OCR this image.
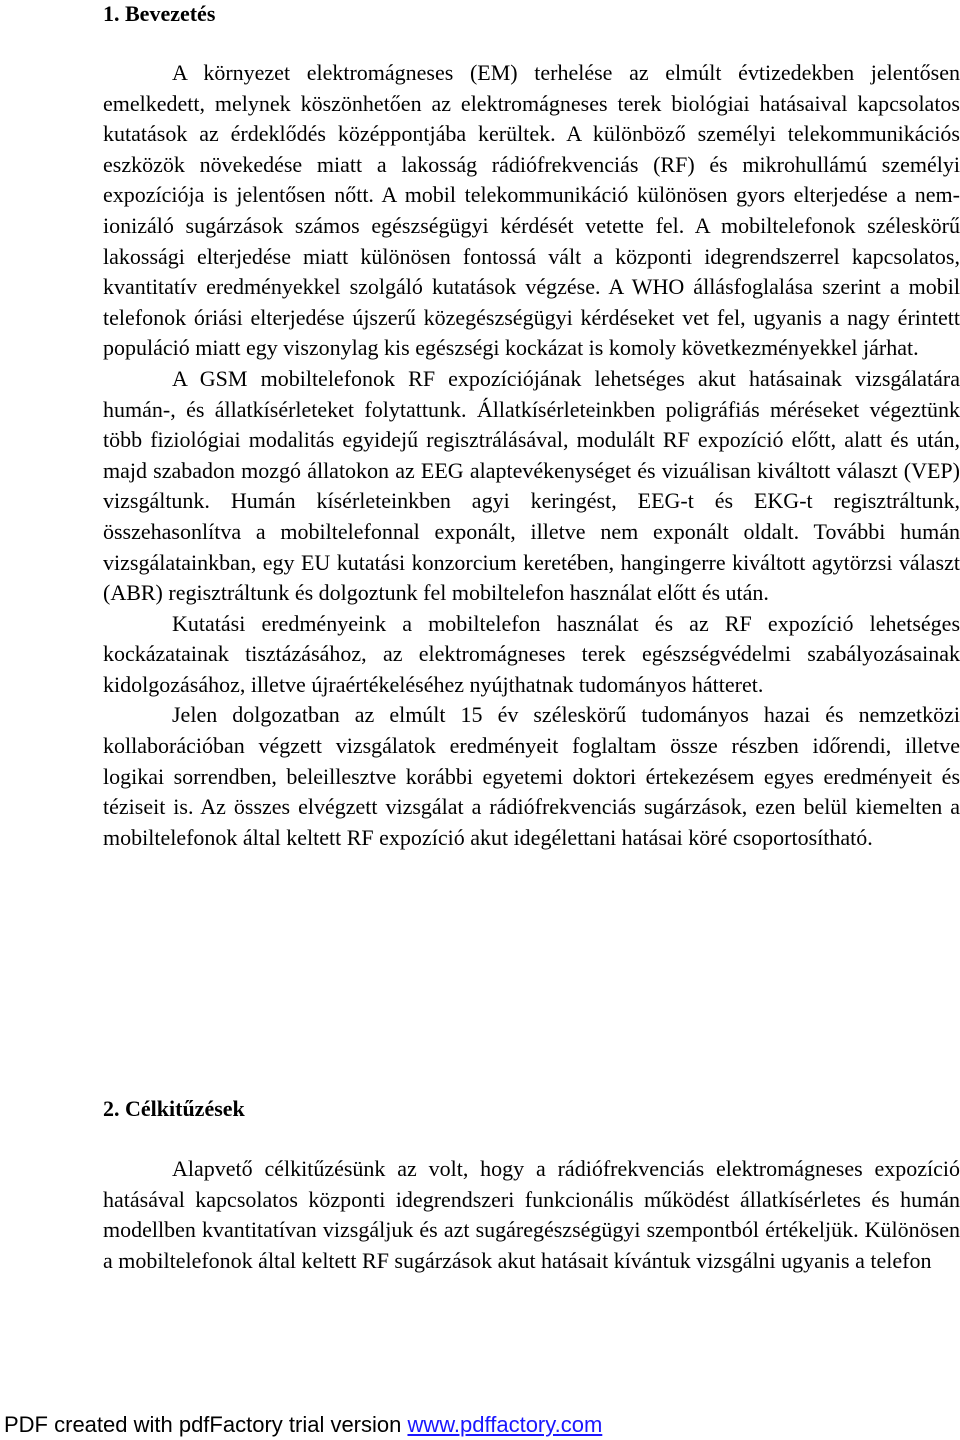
1. Bevezetés

A környezet elektromágneses (EM) terhelése az elmúlt évtizedekben jelentősen emelkedett, melynek köszönhetően az elektromágneses terek biológiai hatásaival kapcsolatos kutatások az érdeklődés középpontjába kerültek. A különböző személyi telekommunikációs eszközök növekedése miatt a lakosság rádiófrekvenciás (RF) és mikrohullámú személyi expozíciója is jelentősen nőtt. A mobil telekommunikáció különösen gyors elterjedése a nem-ionizáló sugárzások számos egészségügyi kérdését vetette fel. A mobiltelefonok széleskörű lakossági elterjedése miatt különösen fontossá vált a központi idegrendszerrel kapcsolatos, kvantitatív eredményekkel szolgáló kutatások végzése. A WHO állásfoglalása szerint a mobil telefonok óriási elterjedése újszerű közegészségügyi kérdéseket vet fel, ugyanis a nagy érintett populáció miatt egy viszonylag kis egészségi kockázat is komoly következményekkel járhat.

A GSM mobiltelefonok RF expozíciójának lehetséges akut hatásainak vizsgálatára humán-, és állatkísérleteket folytattunk. Állatkísérleteinkben poligráfiás méréseket végeztünk több fiziológiai modalitás egyidejű regisztrálásával, modulált RF expozíció előtt, alatt és után, majd szabadon mozgó állatokon az EEG alaptevékenységet és vizuálisan kiváltott választ (VEP) vizsgáltunk. Humán kísérleteinkben agyi keringést, EEG-t és EKG-t regisztráltunk, összehasonlítva a mobiltelefonnal exponált, illetve nem exponált oldalt. További humán vizsgálatainkban, egy EU kutatási konzorcium keretében, hangingerre kiváltott agytörzsi választ (ABR) regisztráltunk és dolgoztunk fel mobiltelefon használat előtt és után.

Kutatási eredményeink a mobiltelefon használat és az RF expozíció lehetséges kockázatainak tisztázásához, az elektromágneses terek egészségvédelmi szabályozásainak kidolgozásához, illetve újraértékeléséhez nyújthatnak tudományos hátteret.

Jelen dolgozatban az elmúlt 15 év széleskörű tudományos hazai és nemzetközi kollaborációban végzett vizsgálatok eredményeit foglaltam össze részben időrendi, illetve logikai sorrendben, beleillesztve korábbi egyetemi doktori értekezésem egyes eredményeit és téziseit is. Az összes elvégzett vizsgálat a rádiófrekvenciás sugárzások, ezen belül kiemelten a mobiltelefonok által keltett RF expozíció akut idegélettani hatásai köré csoportosítható.

2. Célkitűzések

Alapvető célkitűzésünk az volt, hogy a rádiófrekvenciás elektromágneses expozíció hatásával kapcsolatos központi idegrendszeri funkcionális működést állatkísérletes és humán modellben kvantitatívan vizsgáljuk és azt sugáregészségügyi szempontból értékeljük. Különösen a mobiltelefonok által keltett RF sugárzások akut hatásait kívántuk vizsgálni ugyanis a telefon

PDF created with pdfFactory trial version www.pdffactory.com
